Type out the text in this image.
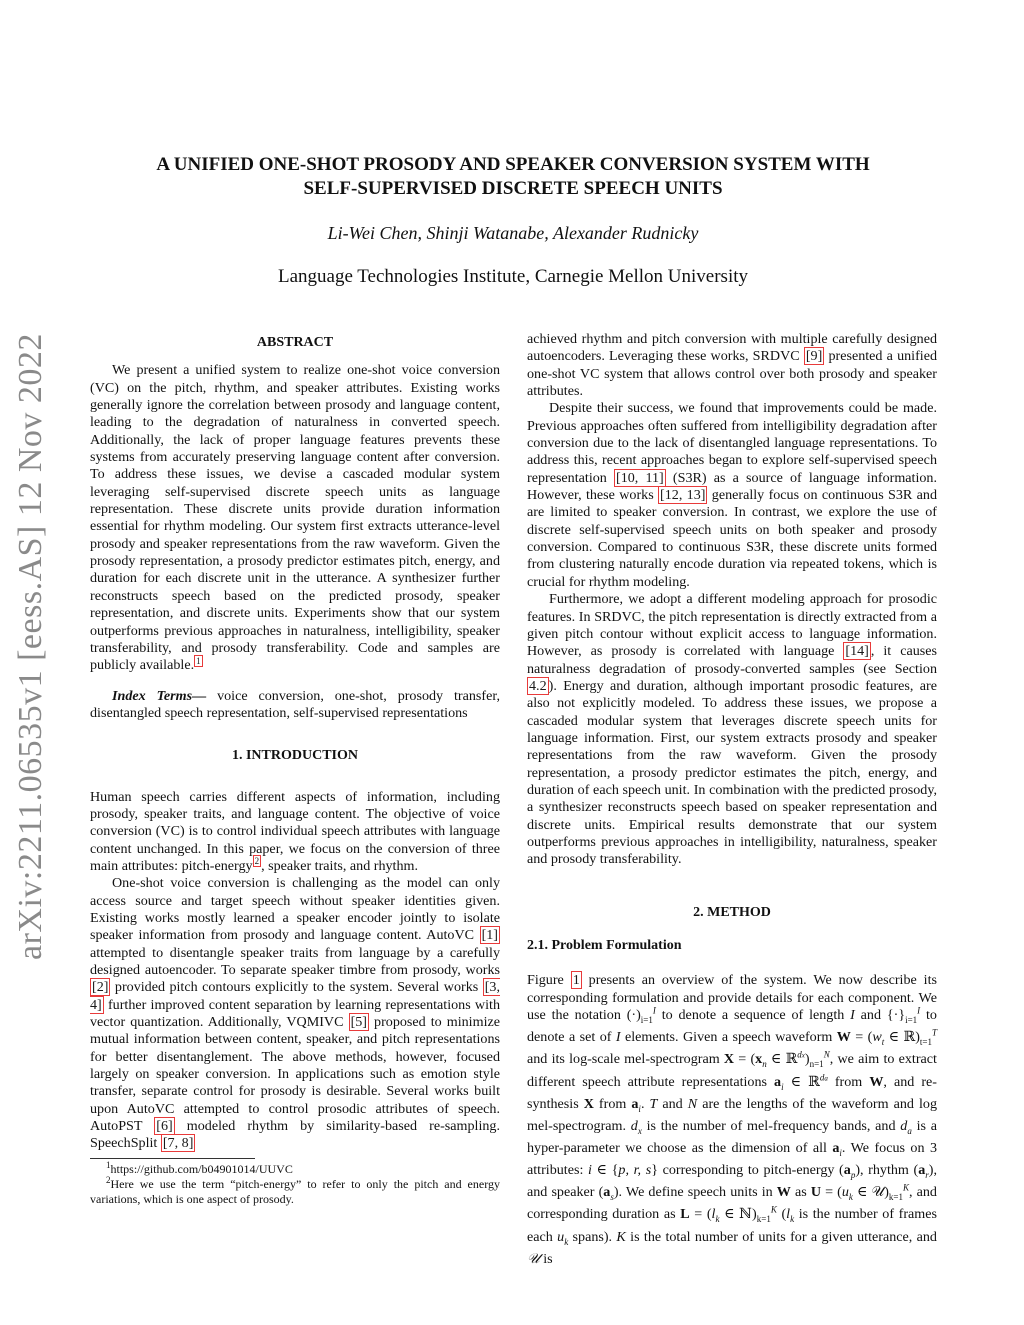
arXiv:2211.06535v1 [eess.AS] 12 Nov 2022
A UNIFIED ONE-SHOT PROSODY AND SPEAKER CONVERSION SYSTEM WITH
SELF-SUPERVISED DISCRETE SPEECH UNITS
Li-Wei Chen, Shinji Watanabe, Alexander Rudnicky
Language Technologies Institute, Carnegie Mellon University
ABSTRACT

We present a unified system to realize one-shot voice conversion (VC) on the pitch, rhythm, and speaker attributes. Existing works generally ignore the correlation between prosody and language content, leading to the degradation of naturalness in converted speech. Additionally, the lack of proper language features prevents these systems from accurately preserving language content after conversion. To address these issues, we devise a cascaded modular system leveraging self-supervised discrete speech units as language representation. These discrete units provide duration information essential for rhythm modeling. Our system first extracts utterance-level prosody and speaker representations from the raw waveform. Given the prosody representation, a prosody predictor estimates pitch, energy, and duration for each discrete unit in the utterance. A synthesizer further reconstructs speech based on the predicted prosody, speaker representation, and discrete units. Experiments show that our system outperforms previous approaches in naturalness, intelligibility, speaker transferability, and prosody transferability. Code and samples are publicly available. $^1$

Index Terms— voice conversion, one-shot, prosody transfer, disentangled speech representation, self-supervised representations

1. INTRODUCTION

Human speech carries different aspects of information, including prosody, speaker traits, and language content. The objective of voice conversion (VC) is to control individual speech attributes with language content unchanged. In this paper, we focus on the conversion of three main attributes: pitch-energy $^2$ , speaker traits, and rhythm.

One-shot voice conversion is challenging as the model can only access source and target speech without speaker identities given. Existing works mostly learned a speaker encoder jointly to isolate speaker information from prosody and language content. AutoVC [1] attempted to disentangle speaker traits from language by a carefully designed autoencoder. To separate speaker timbre from prosody, works [2] provided pitch contours explicitly to the system. Several works [3, 4] further improved content separation by learning representations with vector quantization. Additionally, VQMIVC [5] proposed to minimize mutual information between content, speaker, and pitch representations for better disentanglement. The above methods, however, focused largely on speaker conversion. In applications such as emotion style transfer, separate control for prosody is desirable. Several works built upon AutoVC attempted to control prosodic attributes of speech. AutoPST [6] modeled rhythm by similarity-based re-sampling. SpeechSplit [7, 8]

$^1$https://github.com/b04901014/UUVC
$^2$Here we use the term “pitch-energy” to refer to only the pitch and energy variations, which is one aspect of prosody.

achieved rhythm and pitch conversion with multiple carefully designed autoencoders. Leveraging these works, SRDVC [9] presented a unified one-shot VC system that allows control over both prosody and speaker attributes.

Despite their success, we found that improvements could be made. Previous approaches often suffered from intelligibility degradation after conversion due to the lack of disentangled language representations. To address this, recent approaches began to explore self-supervised speech representation [10, 11] (S3R) as a source of language information. However, these works [12, 13] generally focus on continuous S3R and are limited to speaker conversion. In contrast, we explore the use of discrete self-supervised speech units on both speaker and prosody conversion. Compared to continuous S3R, these discrete units formed from clustering naturally encode duration via repeated tokens, which is crucial for rhythm modeling.

Furthermore, we adopt a different modeling approach for prosodic features. In SRDVC, the pitch representation is directly extracted from a given pitch contour without explicit access to language information. However, as prosody is correlated with language [14] , it causes naturalness degradation of prosody-converted samples (see Section 4.2 ). Energy and duration, although important prosodic features, are also not explicitly modeled. To address these issues, we propose a cascaded modular system that leverages discrete speech units for language information. First, our system extracts prosody and speaker representations from the raw waveform. Given the prosody representation, a prosody predictor estimates the pitch, energy, and duration of each speech unit. In combination with the predicted prosody, a synthesizer reconstructs speech based on speaker representation and discrete units. Empirical results demonstrate that our system outperforms previous approaches in intelligibility, naturalness, speaker and prosody transferability.

2. METHOD
2.1. Problem Formulation

Figure 1 presents an overview of the system. We now describe its corresponding formulation and provide details for each component. We use the notation $(\cdot)_{i=1}^I$ to denote a sequence of length I and $\{\cdot\}_{i=1}^I$ to denote a set of I elements. Given a speech waveform $W = (w_t$ ∈ $ℝ)_{t=1}^T$ and its log-scale mel-spectrogram $X = (x_n$ ∈ $ℝ^{dx})_{n=1}^N$, we aim to extract different speech attribute representations $a_i$ ∈ ℝ$^{da}$ from W, and re-synthesis X from $a_i$. T and N are the lengths of the waveform and log mel-spectrogram. $d_x$ is the number of mel-frequency bands, and $d_a$ is a hyper-parameter we choose as the dimension of all $a_i$. We focus on 3 attributes: i ∈ {p, r, s} corresponding to pitch-energy $(a_p)$, rhythm $(a_r)$, and speaker $(a_s)$. We define speech units in W as $U = (u_k$ ∈ $𝒰)_{k=1}^K$, and corresponding duration as $L = (l_k$ ∈ $ℕ)_{k=1}^K$ ($l_k$ is the number of frames each $u_k$ spans). K is the total number of units for a given utterance, and 𝒰 is
